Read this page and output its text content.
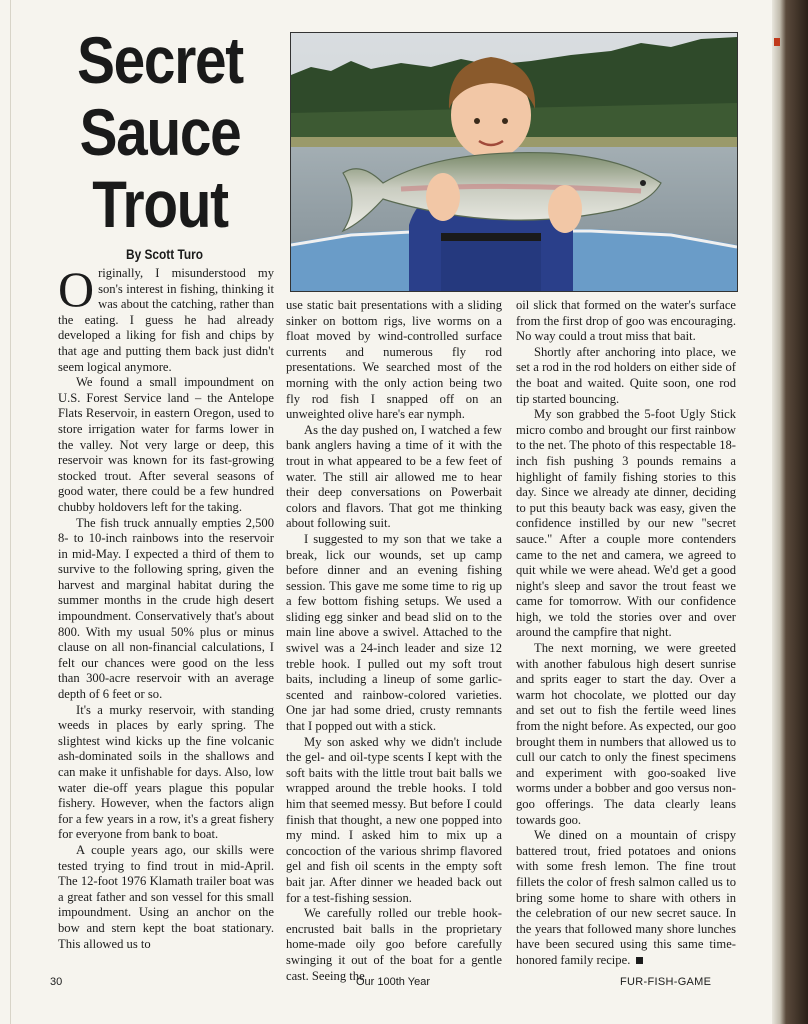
Secret
Sauce
Trout
By Scott Turo

Originally, I misunderstood my son's interest in fishing, thinking it was about the catching, rather than the eating. I guess he had already developed a liking for fish and chips by that age and putting them back just didn't seem logical anymore.

We found a small impoundment on U.S. Forest Service land – the Antelope Flats Reservoir, in eastern Oregon, used to store irrigation water for farms lower in the valley. Not very large or deep, this reservoir was known for its fast-growing stocked trout. After several seasons of good water, there could be a few hundred chubby holdovers left for the taking.

The fish truck annually empties 2,500 8- to 10-inch rainbows into the reservoir in mid-May. I expected a third of them to survive to the following spring, given the harvest and marginal habitat during the summer months in the crude high desert impoundment. Conservatively that's about 800. With my usual 50% plus or minus clause on all non-financial calculations, I felt our chances were good on the less than 300-acre reservoir with an average depth of 6 feet or so.

It's a murky reservoir, with standing weeds in places by early spring. The slightest wind kicks up the fine volcanic ash-dominated soils in the shallows and can make it unfishable for days. Also, low water die-off years plague this popular fishery. However, when the factors align for a few years in a row, it's a great fishery for everyone from bank to boat.

A couple years ago, our skills were tested trying to find trout in mid-April. The 12-foot 1976 Klamath trailer boat was a great father and son vessel for this small impoundment. Using an anchor on the bow and stern kept the boat stationary. This allowed us to

use static bait presentations with a sliding sinker on bottom rigs, live worms on a float moved by wind-controlled surface currents and numerous fly rod presentations. We searched most of the morning with the only action being two fly rod fish I snapped off on an unweighted olive hare's ear nymph.

As the day pushed on, I watched a few bank anglers having a time of it with the trout in what appeared to be a few feet of water. The still air allowed me to hear their deep conversations on Powerbait colors and flavors. That got me thinking about following suit.

I suggested to my son that we take a break, lick our wounds, set up camp before dinner and an evening fishing session. This gave me some time to rig up a few bottom fishing setups. We used a sliding egg sinker and bead slid on to the main line above a swivel. Attached to the swivel was a 24-inch leader and size 12 treble hook. I pulled out my soft trout baits, including a lineup of some garlic-scented and rainbow-colored varieties. One jar had some dried, crusty remnants that I popped out with a stick.

My son asked why we didn't include the gel- and oil-type scents I kept with the soft baits with the little trout bait balls we wrapped around the treble hooks. I told him that seemed messy. But before I could finish that thought, a new one popped into my mind. I asked him to mix up a concoction of the various shrimp flavored gel and fish oil scents in the empty soft bait jar. After dinner we headed back out for a test-fishing session.

We carefully rolled our treble hook-encrusted bait balls in the proprietary home-made oily goo before carefully swinging it out of the boat for a gentle cast. Seeing the

oil slick that formed on the water's surface from the first drop of goo was encouraging. No way could a trout miss that bait.

Shortly after anchoring into place, we set a rod in the rod holders on either side of the boat and waited. Quite soon, one rod tip started bouncing.

My son grabbed the 5-foot Ugly Stick micro combo and brought our first rainbow to the net. The photo of this respectable 18-inch fish pushing 3 pounds remains a highlight of family fishing stories to this day. Since we already ate dinner, deciding to put this beauty back was easy, given the confidence instilled by our new "secret sauce." After a couple more contenders came to the net and camera, we agreed to quit while we were ahead. We'd get a good night's sleep and savor the trout feast we came for tomorrow. With our confidence high, we told the stories over and over around the campfire that night.

The next morning, we were greeted with another fabulous high desert sunrise and sprits eager to start the day. Over a warm hot chocolate, we plotted our day and set out to fish the fertile weed lines from the night before. As expected, our goo brought them in numbers that allowed us to cull our catch to only the finest specimens and experiment with goo-soaked live worms under a bobber and goo versus non-goo offerings. The data clearly leans towards goo.

We dined on a mountain of crispy battered trout, fried potatoes and onions with some fresh lemon. The fine trout fillets the color of fresh salmon called us to bring some home to share with others in the celebration of our new secret sauce. In the years that followed many shore lunches have been secured using this same time-honored family recipe.

30	Our 100th Year	FUR-FISH-GAME
